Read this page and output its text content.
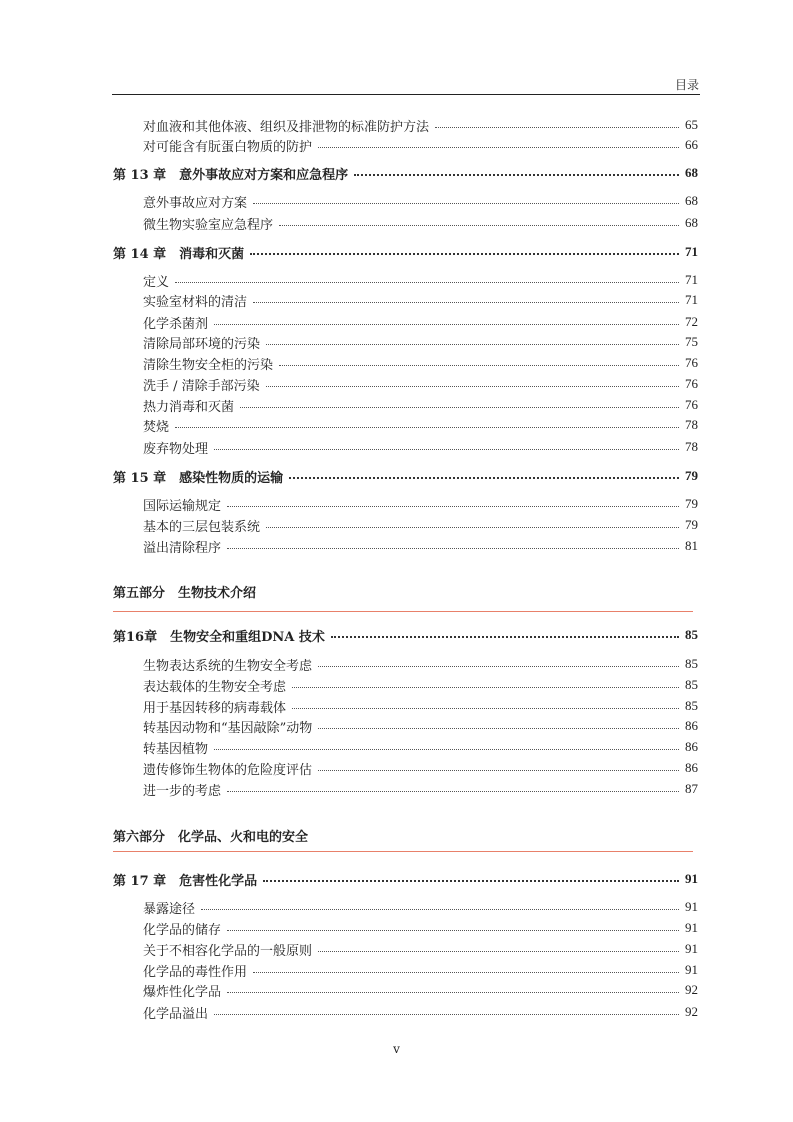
目录
第五部分　生物技术介绍
第六部分　化学品、火和电的安全
对血液和其他体液、组织及排泄物的标准防护方法	65
对可能含有朊蛋白物质的防护	66
第 13 章　意外事故应对方案和应急程序	68
意外事故应对方案	68
微生物实验室应急程序	68
第 14 章　消毒和灭菌	71
定义	71
实验室材料的清洁	71
化学杀菌剂	72
清除局部环境的污染	75
清除生物安全柜的污染	76
洗手 / 清除手部污染	76
热力消毒和灭菌	76
焚烧	78
废弃物处理	78
第 15 章　感染性物质的运输	79
国际运输规定	79
基本的三层包装系统	79
溢出清除程序	81
第16章　生物安全和重组DNA 技术	85
生物表达系统的生物安全考虑	85
表达载体的生物安全考虑	85
用于基因转移的病毒载体	85
转基因动物和“基因敲除”动物	86
转基因植物	86
遗传修饰生物体的危险度评估	86
进一步的考虑	87
第 17 章　危害性化学品	91
暴露途径	91
化学品的储存	91
关于不相容化学品的一般原则	91
化学品的毒性作用	91
爆炸性化学品	92
化学品溢出	92
v
